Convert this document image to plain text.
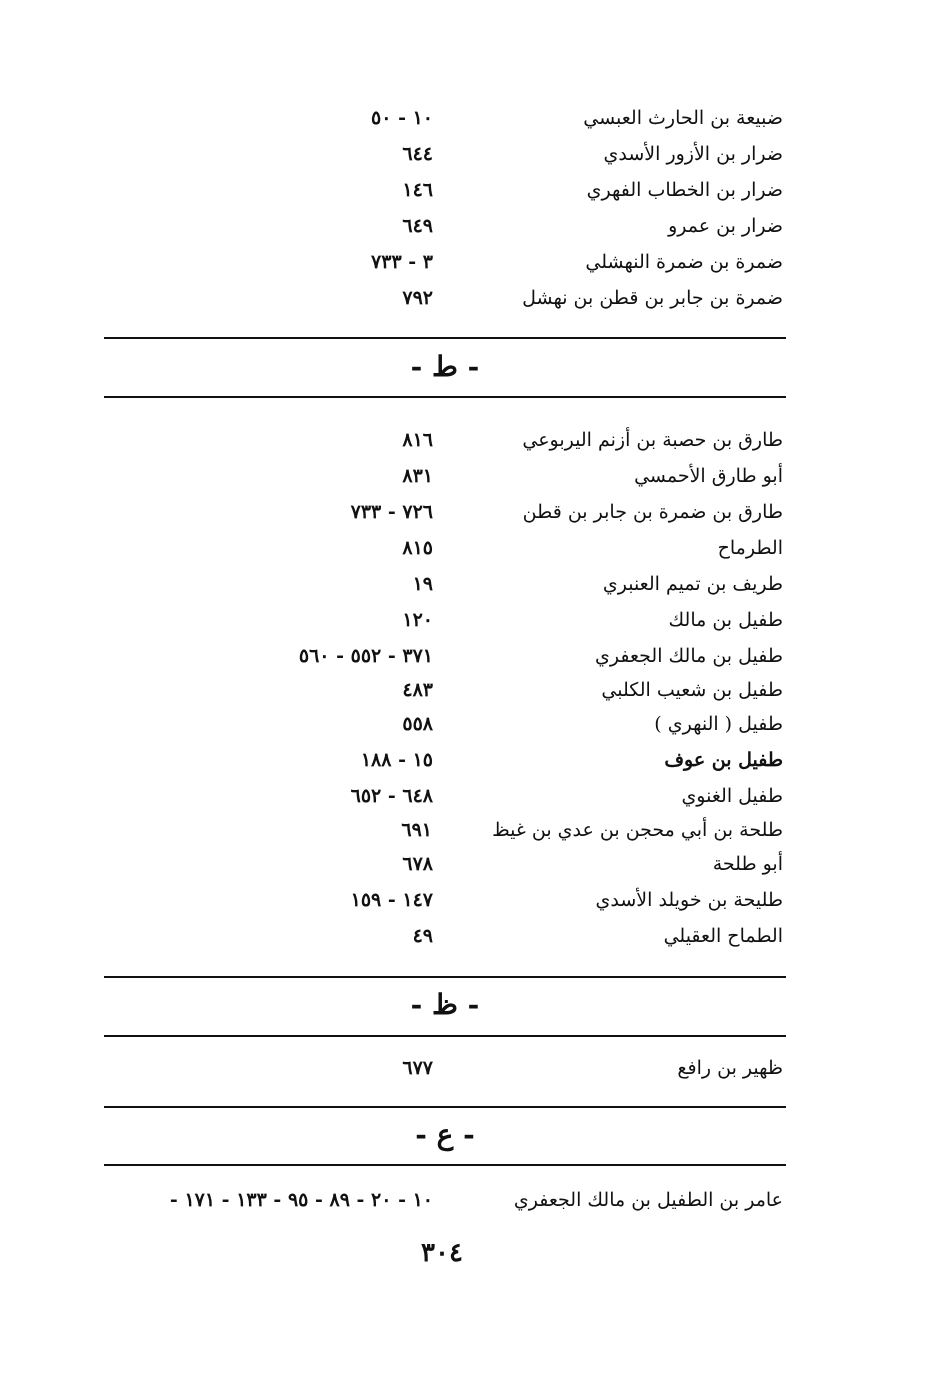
ضبيعة بن الحارث العبسي
١٠ - ٥٠
ضرار بن الأزور الأسدي
٦٤٤
ضرار بن الخطاب الفهري
١٤٦
ضرار بن عمرو
٦٤٩
ضمرة بن ضمرة النهشلي
٣ - ٧٣٣
ضمرة بن جابر بن قطن بن نهشل
٧٩٢
- ط -
طارق بن حصبة بن أزنم اليربوعي
٨١٦
أبو طارق الأحمسي
٨٣١
طارق بن ضمرة بن جابر بن قطن
٧٢٦ - ٧٣٣
الطرماح
٨١٥
طريف بن تميم العنبري
١٩
طفيل بن مالك
١٢٠
طفيل بن مالك الجعفري
٣٧١ - ٥٥٢ - ٥٦٠
طفيل بن شعيب الكلبي
٤٨٣
طفيل ( النهري )
٥٥٨
طفيل بن عوف
١٥ - ١٨٨
طفيل الغنوي
٦٤٨ - ٦٥٢
طلحة بن أبي محجن بن عدي بن غيظ
٦٩١
أبو طلحة
٦٧٨
طليحة بن خويلد الأسدي
١٤٧ - ١٥٩
الطماح العقيلي
٤٩
- ظ -
ظهير بن رافع
٦٧٧
- ع -
عامر بن الطفيل بن مالك الجعفري
١٠ - ٢٠ - ٨٩ - ٩٥ - ١٣٣ - ١٧١ -
٣٠٤
